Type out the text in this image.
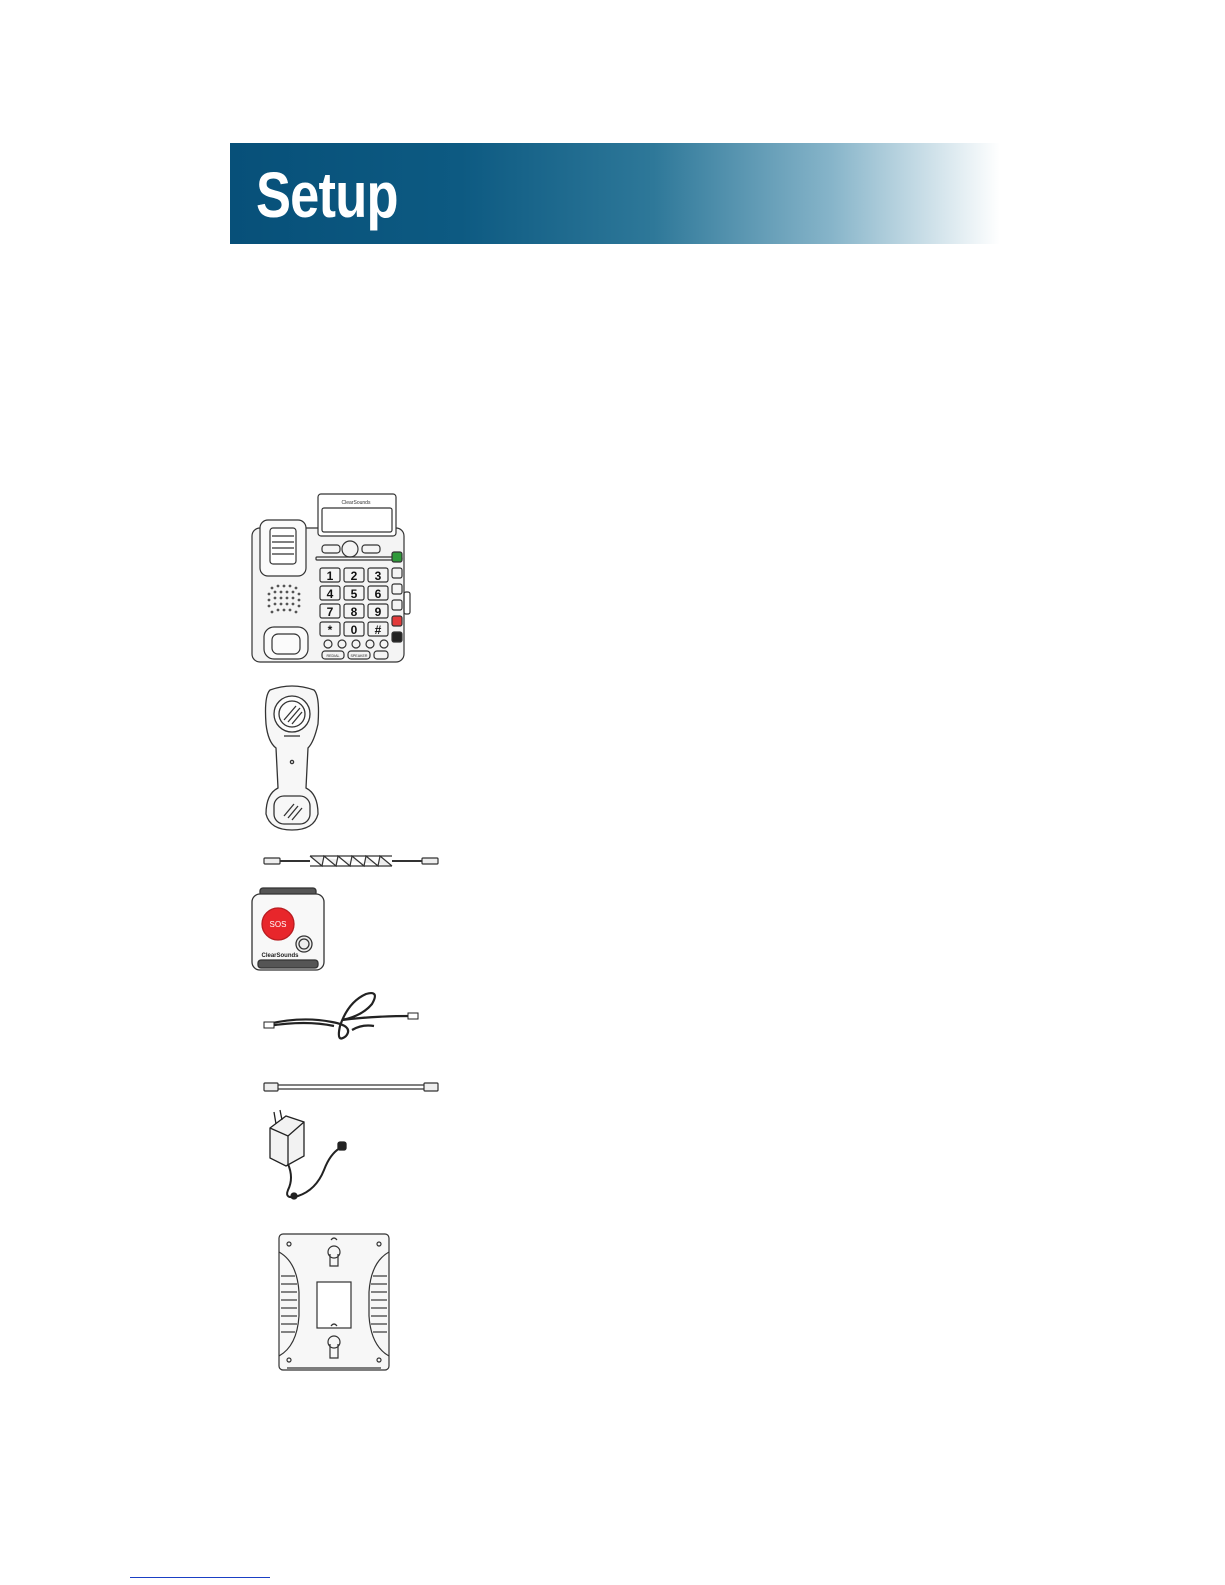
Setup
ClearSounds
1 2 3
4 5 6
7 8 9
* 0 #
REDIAL	SPEAKER
SOS
ClearSounds
